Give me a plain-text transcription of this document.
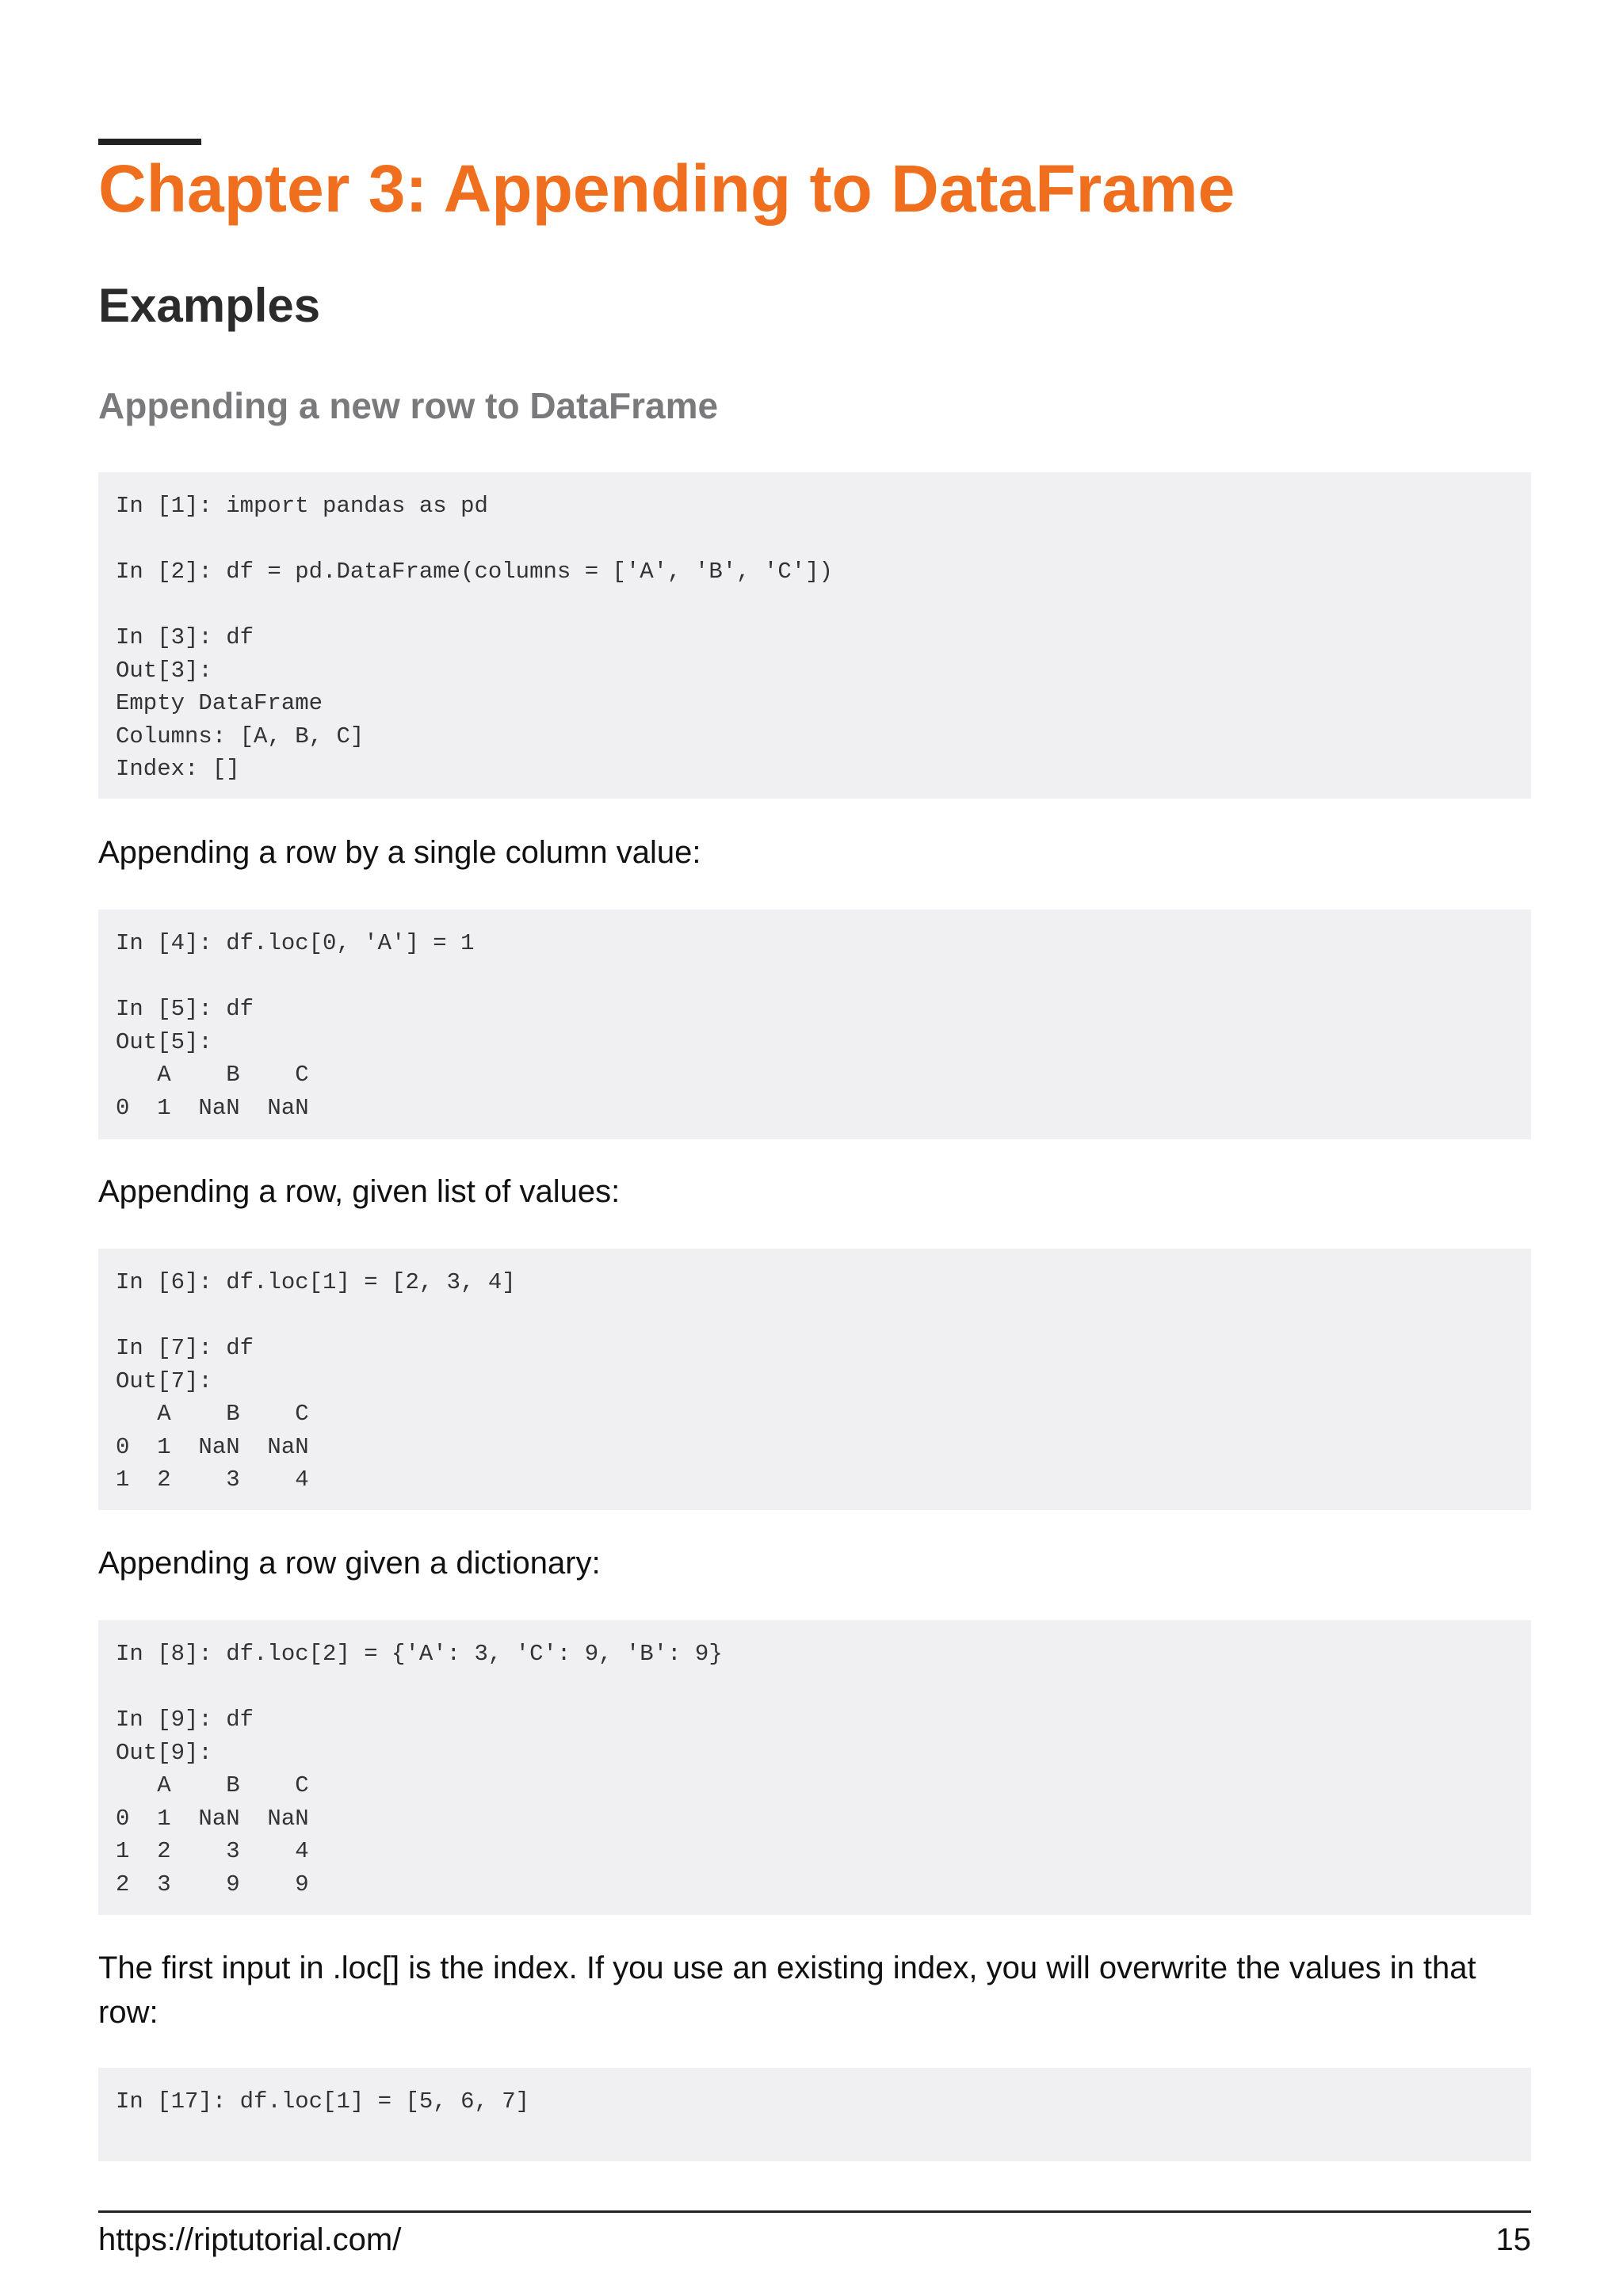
Chapter 3: Appending to DataFrame
Examples
Appending a new row to DataFrame
In [1]: import pandas as pd

In [2]: df = pd.DataFrame(columns = ['A', 'B', 'C'])

In [3]: df
Out[3]:
Empty DataFrame
Columns: [A, B, C]
Index: []

Appending a row by a single column value:

In [4]: df.loc[0, 'A'] = 1

In [5]: df
Out[5]:
A    B    C
0  1  NaN  NaN

Appending a row, given list of values:

In [6]: df.loc[1] = [2, 3, 4]

In [7]: df
Out[7]:
A    B    C
0  1  NaN  NaN
1  2    3    4

Appending a row given a dictionary:

In [8]: df.loc[2] = {'A': 3, 'C': 9, 'B': 9}

In [9]: df
Out[9]:
A    B    C
0  1  NaN  NaN
1  2    3    4
2  3    9    9

The first input in .loc[] is the index. If you use an existing index, you will overwrite the values in that row:

In [17]: df.loc[1] = [5, 6, 7]
https://riptutorial.com/	15
